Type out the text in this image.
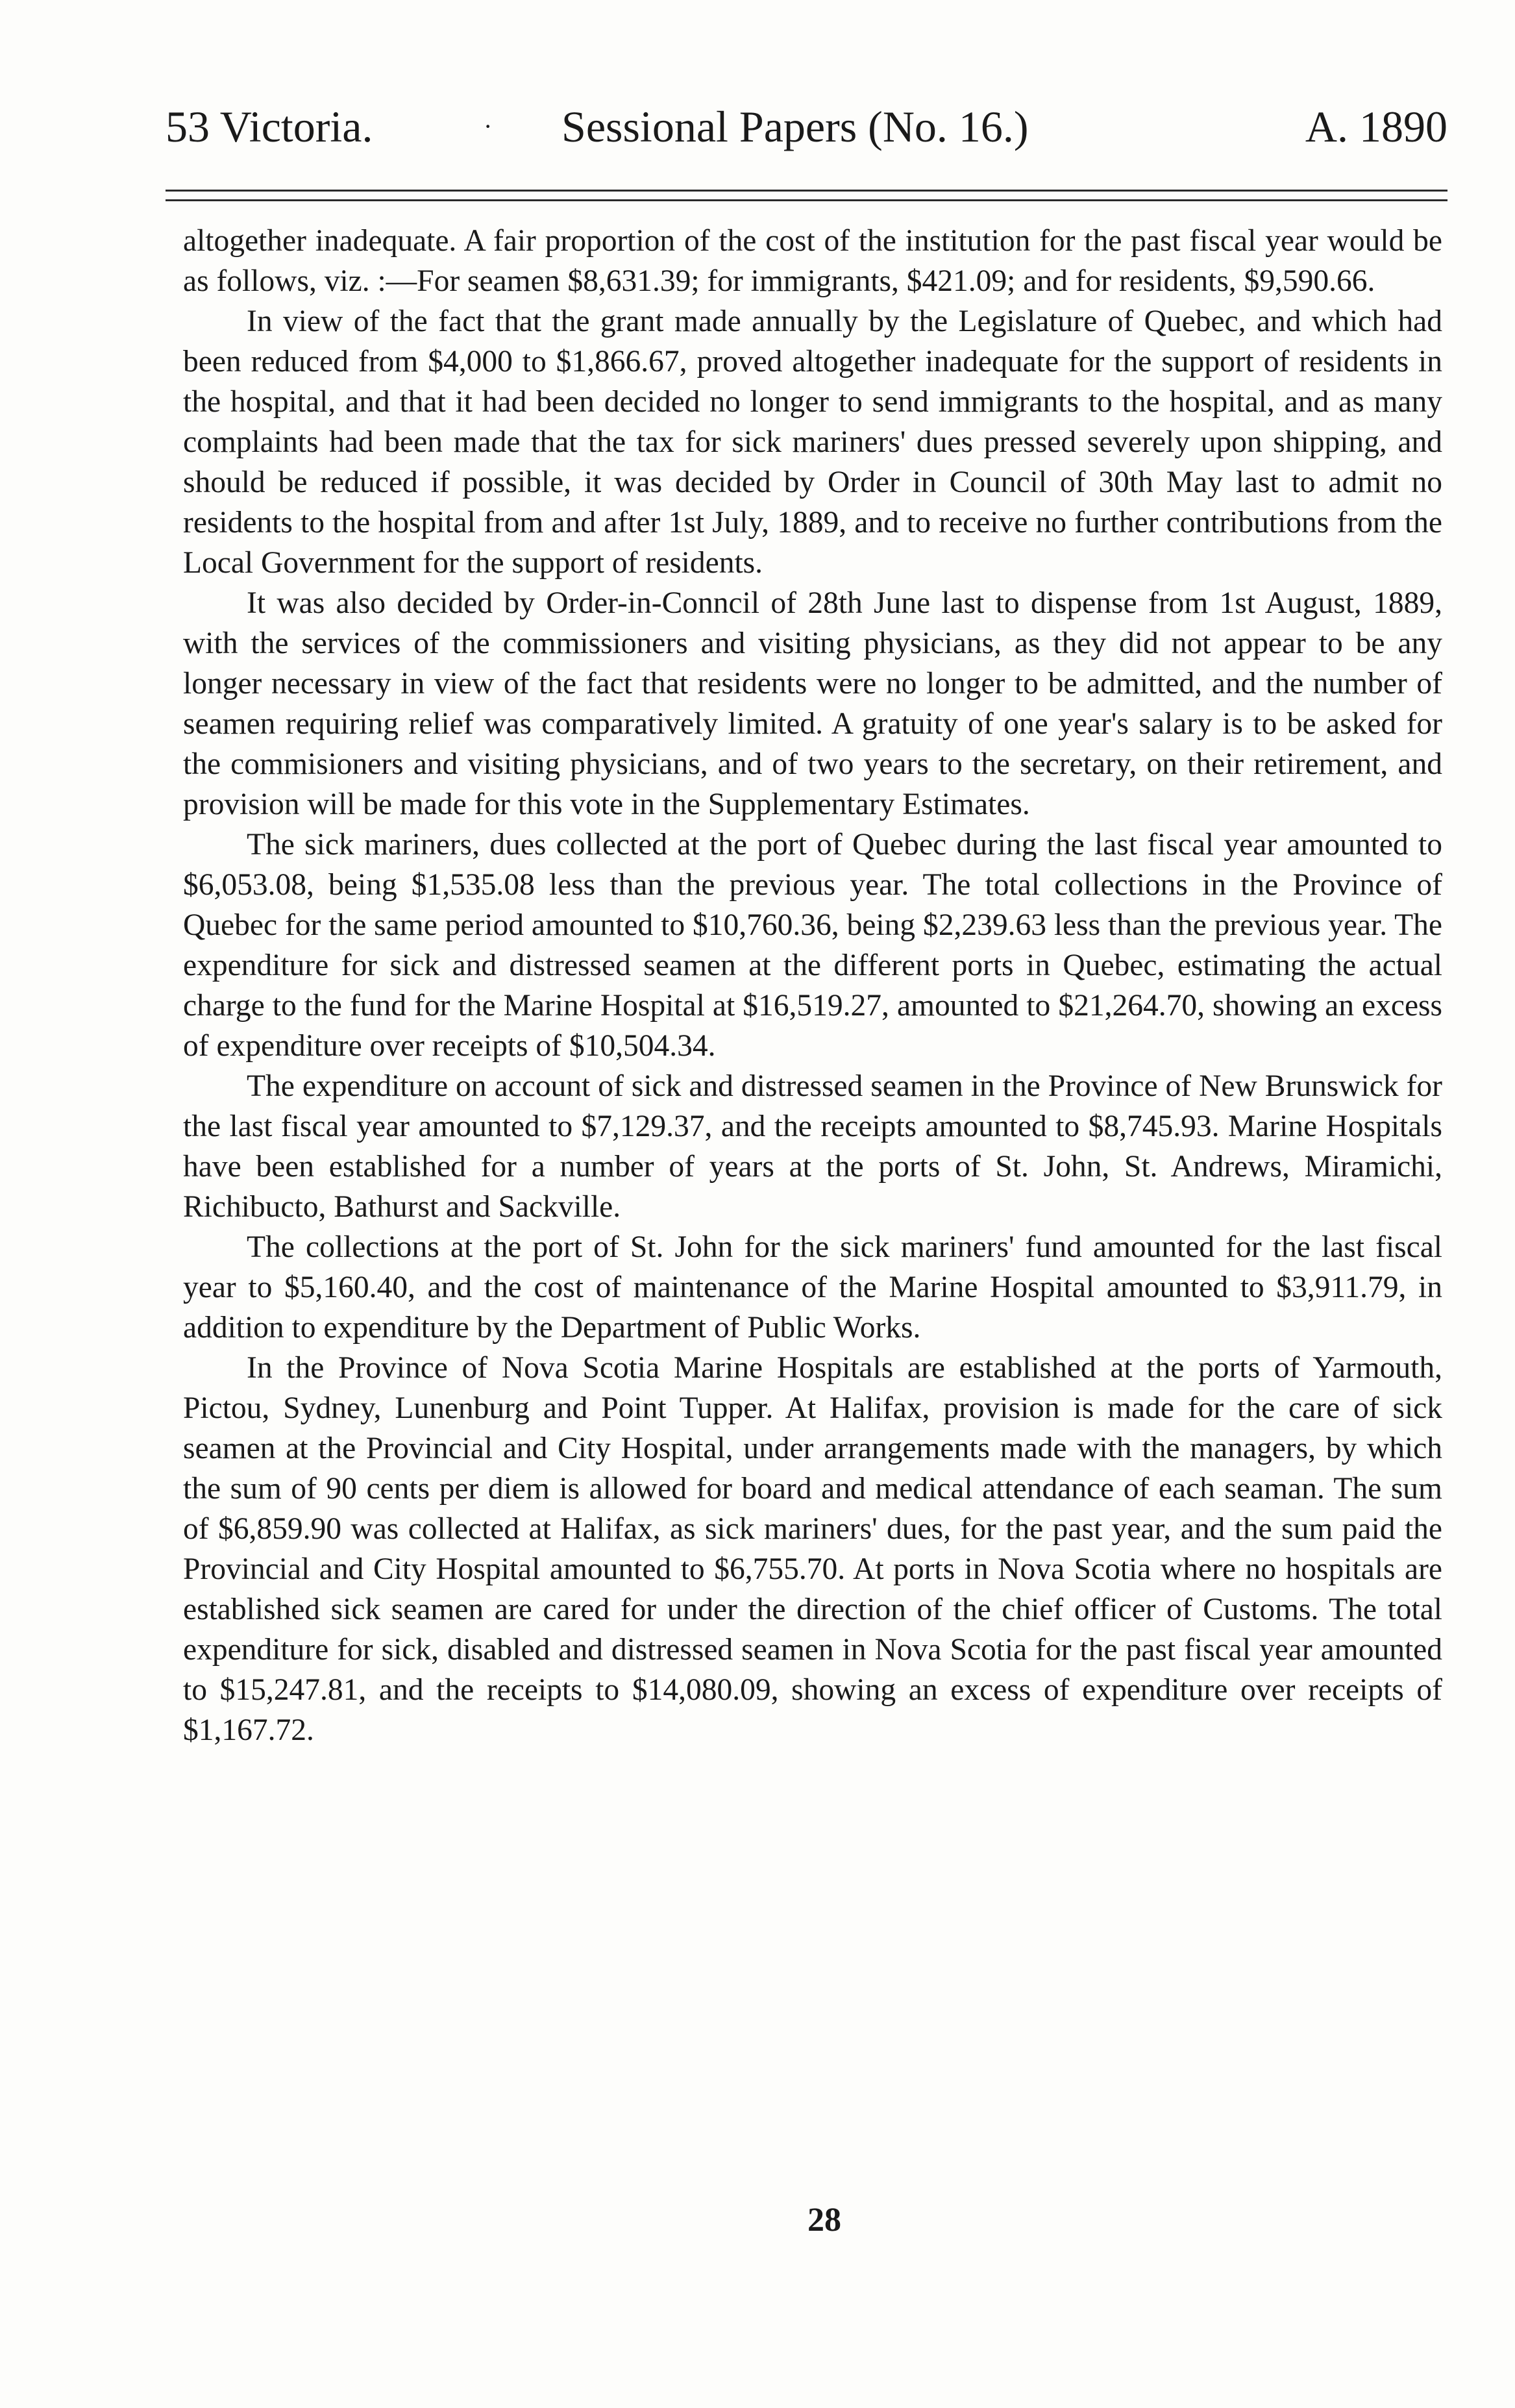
53 Victoria.	· Sessional Papers (No. 16.)	A. 1890

altogether inadequate. A fair proportion of the cost of the institution for the past fiscal year would be as follows, viz. :—For seamen $8,631.39; for immigrants, $421.09; and for residents, $9,590.66.

In view of the fact that the grant made annually by the Legislature of Quebec, and which had been reduced from $4,000 to $1,866.67, proved altogether inadequate for the support of residents in the hospital, and that it had been decided no longer to send immigrants to the hospital, and as many complaints had been made that the tax for sick mariners' dues pressed severely upon shipping, and should be reduced if possible, it was decided by Order in Council of 30th May last to admit no residents to the hospital from and after 1st July, 1889, and to receive no further contributions from the Local Government for the support of residents.

It was also decided by Order-in-Conncil of 28th June last to dispense from 1st August, 1889, with the services of the commissioners and visiting physicians, as they did not appear to be any longer necessary in view of the fact that residents were no longer to be admitted, and the number of seamen requiring relief was comparatively limited. A gratuity of one year's salary is to be asked for the commisioners and visiting physicians, and of two years to the secretary, on their retirement, and provision will be made for this vote in the Supplementary Estimates.

The sick mariners, dues collected at the port of Quebec during the last fiscal year amounted to $6,053.08, being $1,535.08 less than the previous year. The total collections in the Province of Quebec for the same period amounted to $10,760.36, being $2,239.63 less than the previous year. The expenditure for sick and distressed seamen at the different ports in Quebec, estimating the actual charge to the fund for the Marine Hospital at $16,519.27, amounted to $21,264.70, showing an excess of expenditure over receipts of $10,504.34.

The expenditure on account of sick and distressed seamen in the Province of New Brunswick for the last fiscal year amounted to $7,129.37, and the receipts amounted to $8,745.93. Marine Hospitals have been established for a number of years at the ports of St. John, St. Andrews, Miramichi, Richibucto, Bathurst and Sackville.

The collections at the port of St. John for the sick mariners' fund amounted for the last fiscal year to $5,160.40, and the cost of maintenance of the Marine Hospital amounted to $3,911.79, in addition to expenditure by the Department of Public Works.

In the Province of Nova Scotia Marine Hospitals are established at the ports of Yarmouth, Pictou, Sydney, Lunenburg and Point Tupper. At Halifax, provision is made for the care of sick seamen at the Provincial and City Hospital, under arrangements made with the managers, by which the sum of 90 cents per diem is allowed for board and medical attendance of each seaman. The sum of $6,859.90 was collected at Halifax, as sick mariners' dues, for the past year, and the sum paid the Provincial and City Hospital amounted to $6,755.70. At ports in Nova Scotia where no hospitals are established sick seamen are cared for under the direction of the chief officer of Customs. The total expenditure for sick, disabled and distressed seamen in Nova Scotia for the past fiscal year amounted to $15,247.81, and the receipts to $14,080.09, showing an excess of expenditure over receipts of $1,167.72.

28
